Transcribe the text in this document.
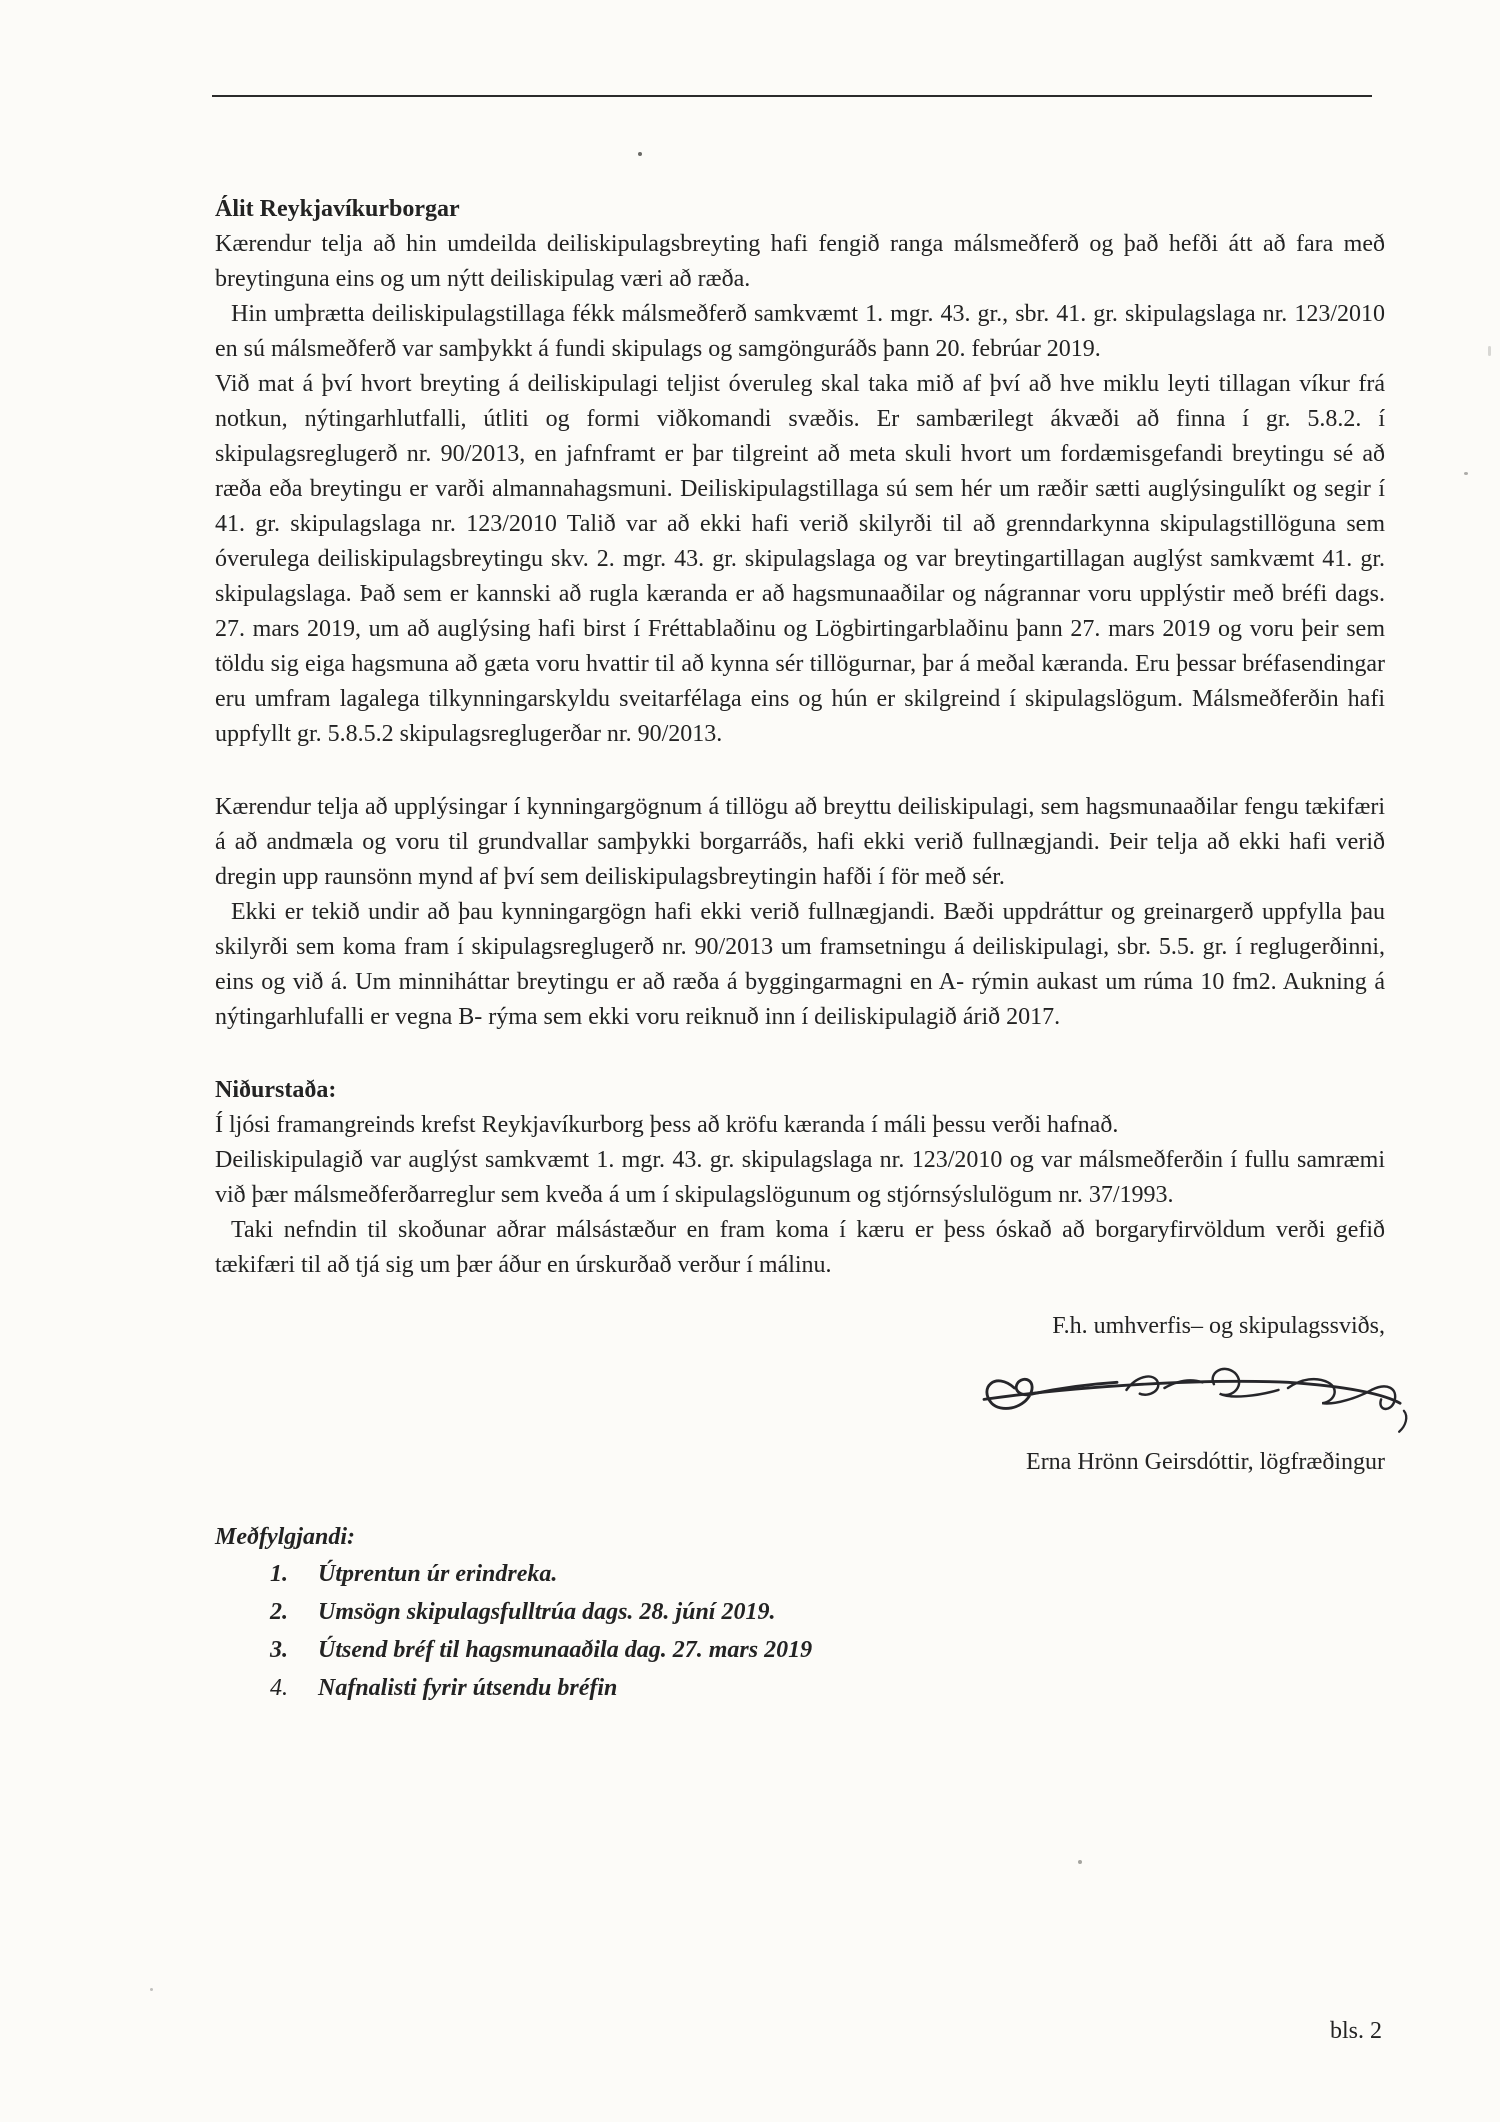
Álit Reykjavíkurborgar

Kærendur telja að hin umdeilda deiliskipulagsbreyting hafi fengið ranga málsmeðferð og það hefði átt að fara með breytinguna eins og um nýtt deiliskipulag væri að ræða.

Hin umþrætta deiliskipulagstillaga fékk málsmeðferð samkvæmt 1. mgr. 43. gr., sbr. 41. gr. skipulagslaga nr. 123/2010 en sú málsmeðferð var samþykkt á fundi skipulags og samgönguráðs þann 20. febrúar 2019.

Við mat á því hvort breyting á deiliskipulagi teljist óveruleg skal taka mið af því að hve miklu leyti tillagan víkur frá notkun, nýtingarhlutfalli, útliti og formi viðkomandi svæðis. Er sambærilegt ákvæði að finna í gr. 5.8.2. í skipulagsreglugerð nr. 90/2013, en jafnframt er þar tilgreint að meta skuli hvort um fordæmisgefandi breytingu sé að ræða eða breytingu er varði almannahagsmuni. Deiliskipulagstillaga sú sem hér um ræðir sætti auglýsingulíkt og segir í 41. gr. skipulagslaga nr. 123/2010 Talið var að ekki hafi verið skilyrði til að grenndarkynna skipulagstillöguna sem óverulega deiliskipulagsbreytingu skv. 2. mgr. 43. gr. skipulagslaga og var breytingartillagan auglýst samkvæmt 41. gr. skipulagslaga. Það sem er kannski að rugla kæranda er að hagsmunaaðilar og nágrannar voru upplýstir með bréfi dags. 27. mars 2019, um að auglýsing hafi birst í Fréttablaðinu og Lögbirtingarblaðinu þann 27. mars 2019 og voru þeir sem töldu sig eiga hagsmuna að gæta voru hvattir til að kynna sér tillögurnar, þar á meðal kæranda. Eru þessar bréfasendingar eru umfram lagalega tilkynningarskyldu sveitarfélaga eins og hún er skilgreind í skipulagslögum. Málsmeðferðin hafi uppfyllt gr. 5.8.5.2 skipulagsreglugerðar nr. 90/2013.

Kærendur telja að upplýsingar í kynningargögnum á tillögu að breyttu deiliskipulagi, sem hagsmunaaðilar fengu tækifæri á að andmæla og voru til grundvallar samþykki borgarráðs, hafi ekki verið fullnægjandi. Þeir telja að ekki hafi verið dregin upp raunsönn mynd af því sem deiliskipulagsbreytingin hafði í för með sér.

Ekki er tekið undir að þau kynningargögn hafi ekki verið fullnægjandi. Bæði uppdráttur og greinargerð uppfylla þau skilyrði sem koma fram í skipulagsreglugerð nr. 90/2013 um framsetningu á deiliskipulagi, sbr. 5.5. gr. í reglugerðinni, eins og við á. Um minniháttar breytingu er að ræða á byggingarmagni en A- rýmin aukast um rúma 10 fm2. Aukning á nýtingarhlufalli er vegna B- rýma sem ekki voru reiknuð inn í deiliskipulagið árið 2017.

Niðurstaða:

Í ljósi framangreinds krefst Reykjavíkurborg þess að kröfu kæranda í máli þessu verði hafnað.

Deiliskipulagið var auglýst samkvæmt 1. mgr. 43. gr. skipulagslaga nr. 123/2010 og var málsmeðferðin í fullu samræmi við þær málsmeðferðarreglur sem kveða á um í skipulagslögunum og stjórnsýslulögum nr. 37/1993.

Taki nefndin til skoðunar aðrar málsástæður en fram koma í kæru er þess óskað að borgaryfirvöldum verði gefið tækifæri til að tjá sig um þær áður en úrskurðað verður í málinu.

F.h. umhverfis– og skipulagssviðs,

Erna Hrönn Geirsdóttir, lögfræðingur

Meðfylgjandi:

1.	Útprentun úr erindreka.
2.	Umsögn skipulagsfulltrúa dags. 28. júní 2019.
3.	Útsend bréf til hagsmunaaðila dag. 27. mars 2019
4.	Nafnalisti fyrir útsendu bréfin
bls. 2
